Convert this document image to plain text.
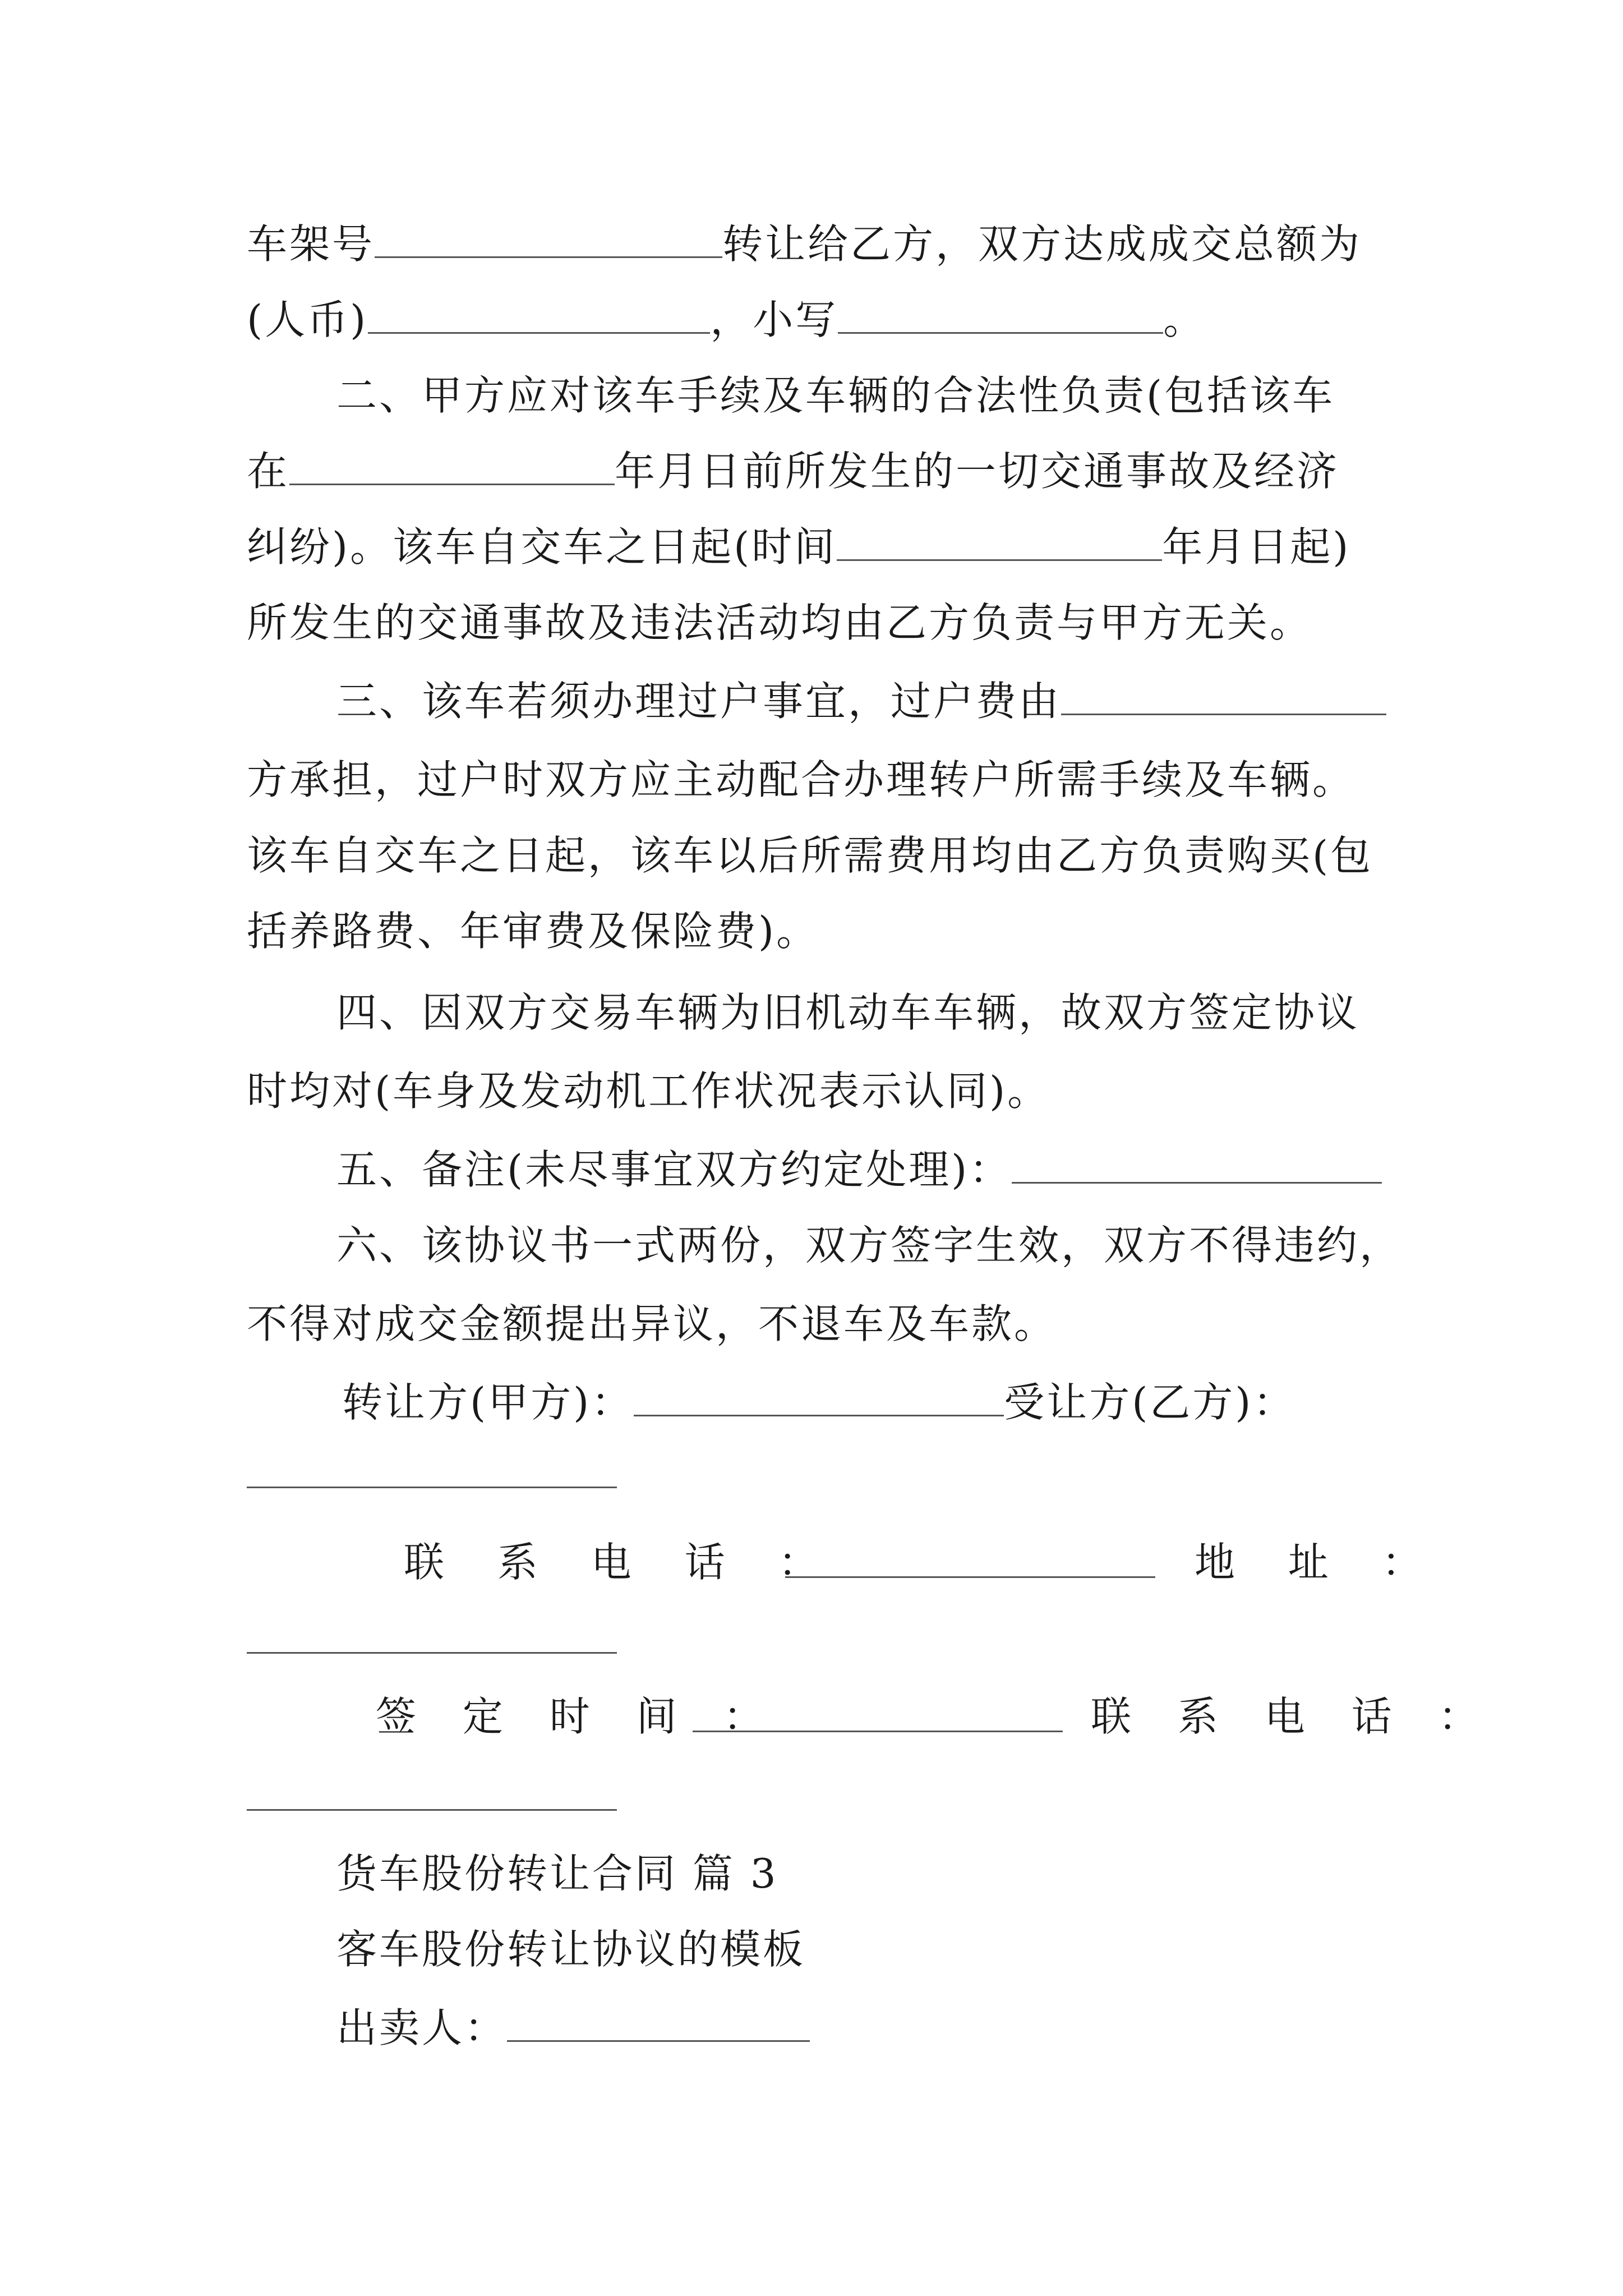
车架号	转让给乙方，双方达成成交总额为
(人币)	，小写	。
二、甲方应对该车手续及车辆的合法性负责(包括该车
在	年月日前所发生的一切交通事故及经济
纠纷)。该车自交车之日起(时间	年月日起)
所发生的交通事故及违法活动均由乙方负责与甲方无关。
三、该车若须办理过户事宜，过户费由
方承担，过户时双方应主动配合办理转户所需手续及车辆。
该车自交车之日起，该车以后所需费用均由乙方负责购买(包
括养路费、年审费及保险费)。
四、因双方交易车辆为旧机动车车辆，故双方签定协议
时均对(车身及发动机工作状况表示认同)。
五、备注(未尽事宜双方约定处理)：
六、该协议书一式两份，双方签字生效，双方不得违约，
不得对成交金额提出异议，不退车及车款。
转让方(甲方)：	受让方(乙方)：
联 系 电 话 ：	地 址 ：
签 定 时 间 ：	联 系 电 话 ：
货车股份转让合同 篇 3
客车股份转让协议的模板
出卖人：
